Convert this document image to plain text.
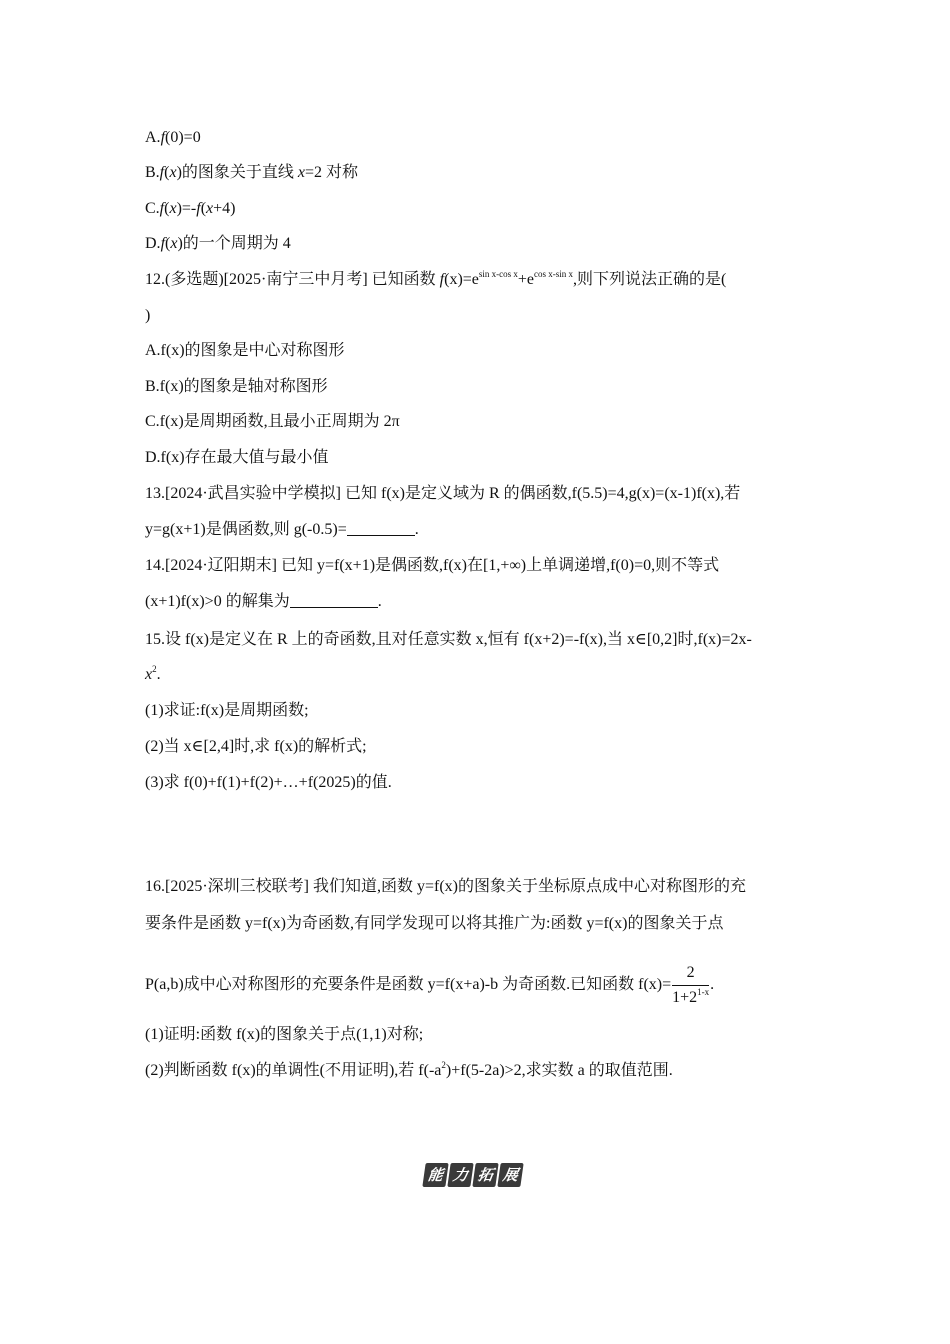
A.f(0)=0
B.f(x)的图象关于直线 x=2 对称
C.f(x)=-f(x+4)
D.f(x)的一个周期为 4
12.(多选题)[2025·南宁三中月考] 已知函数 $f(x)=e^{sin x-cos x}+e^{cos x-sin x}$,则下列说法正确的是(
)
A.f(x)的图象是中心对称图形
B.f(x)的图象是轴对称图形
C.f(x)是周期函数,且最小正周期为 2π
D.f(x)存在最大值与最小值
13.[2024·武昌实验中学模拟] 已知 f(x)是定义域为 R 的偶函数,f(5.5)=4,g(x)=(x-1)f(x),若
y=g(x+1)是偶函数,则 g(-0.5)=	.
14.[2024·辽阳期末] 已知 y=f(x+1)是偶函数,f(x)在[1,+∞)上单调递增,f(0)=0,则不等式
(x+1)f(x)>0 的解集为	.
15.设 f(x)是定义在 R 上的奇函数,且对任意实数 x,恒有 f(x+2)=-f(x),当 x∈[0,2]时,f(x)=2x-
$x^2$.
(1)求证:f(x)是周期函数;
(2)当 x∈[2,4]时,求 f(x)的解析式;
(3)求 f(0)+f(1)+f(2)+…+f(2025)的值.
16.[2025·深圳三校联考] 我们知道,函数 y=f(x)的图象关于坐标原点成中心对称图形的充
要条件是函数 y=f(x)为奇函数,有同学发现可以将其推广为:函数 y=f(x)的图象关于点
P(a,b)成中心对称图形的充要条件是函数 y=f(x+a)-b 为奇函数.已知函数 $f(x)= \frac{2}{1+2^{1-x}}$ .
(1)证明:函数 f(x)的图象关于点(1,1)对称;
(2)判断函数 f(x)的单调性(不用证明),若 $f(-a^2)+f(5-2a)>2$,求实数 a 的取值范围.
能 力 拓 展
